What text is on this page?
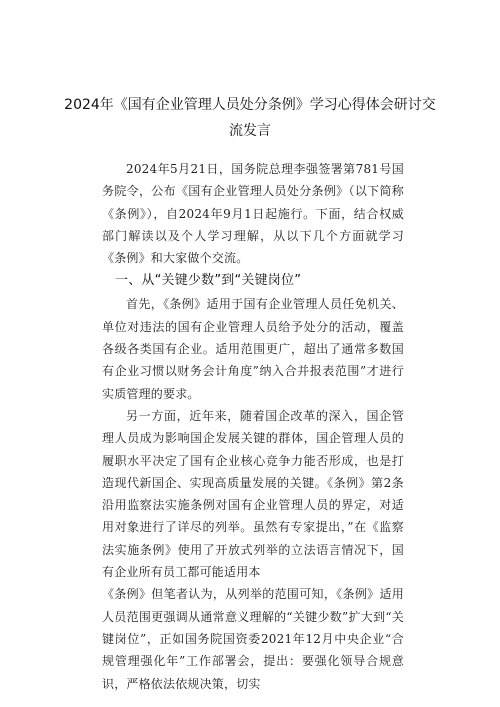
2024年《国有企业管理人员处分条例》学习心得体会研讨交流发言

2024年5月21日，国务院总理李强签署第781号国务院令，公布《国有企业管理人员处分条例》（以下简称《条例》），自2024年9月1日起施行。下面，结合权威部门解读以及个人学习理解，从以下几个方面就学习《条例》和大家做个交流。

一、从“关键少数”到“关键岗位”

首先，《条例》适用于国有企业管理人员任免机关、单位对违法的国有企业管理人员给予处分的活动，覆盖各级各类国有企业。适用范围更广，超出了通常多数国有企业习惯以财务会计角度”纳入合并报表范围”才进行实质管理的要求。

另一方面，近年来，随着国企改革的深入，国企管理人员成为影响国企发展关键的群体，国企管理人员的履职水平决定了国有企业核心竞争力能否形成，也是打造现代新国企、实现高质量发展的关键。《条例》第2条沿用监察法实施条例对国有企业管理人员的界定，对适用对象进行了详尽的列举。虽然有专家提出，”在《监察法实施条例》使用了开放式列举的立法语言情况下，国有企业所有员工都可能适用本

《条例》但笔者认为，从列举的范围可知，《条例》适用人员范围更强调从通常意义理解的“关键少数”扩大到“关键岗位”，正如国务院国资委2021年12月中央企业“合规管理强化年”工作部署会，提出：要强化领导合规意识，严格依法依规决策，切实
